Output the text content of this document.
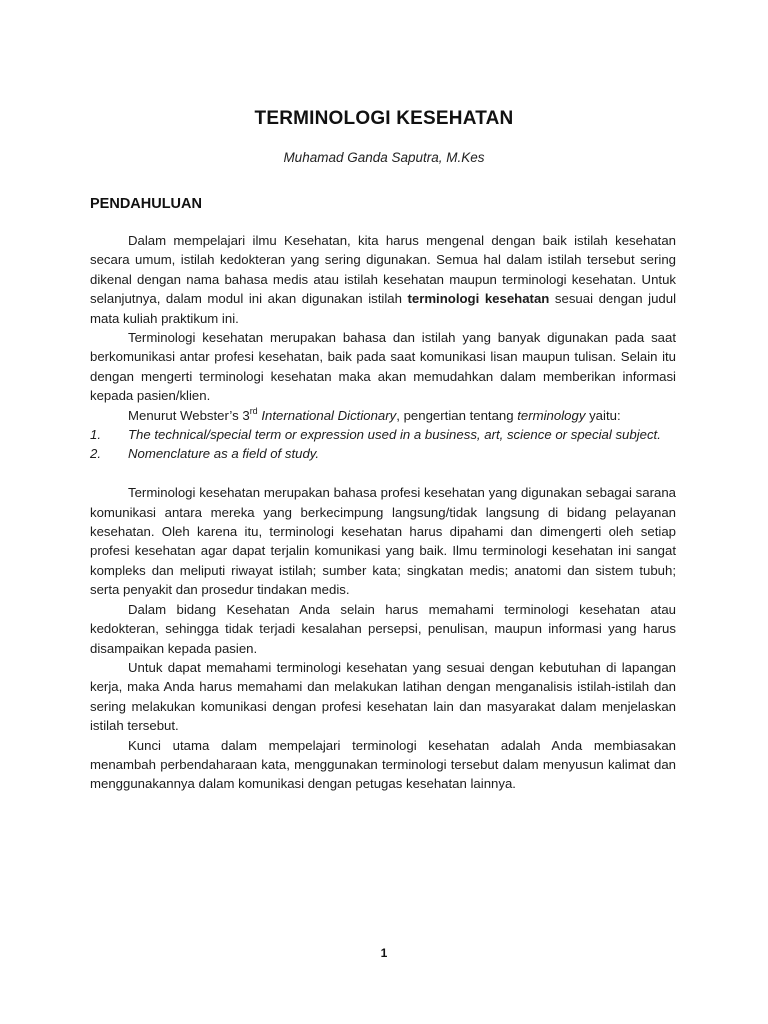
TERMINOLOGI KESEHATAN
Muhamad Ganda Saputra, M.Kes
PENDAHULUAN

Dalam mempelajari ilmu Kesehatan, kita harus mengenal dengan baik istilah kesehatan secara umum, istilah kedokteran yang sering digunakan. Semua hal dalam istilah tersebut sering dikenal dengan nama bahasa medis atau istilah kesehatan maupun terminologi kesehatan. Untuk selanjutnya, dalam modul ini akan digunakan istilah terminologi kesehatan sesuai dengan judul mata kuliah praktikum ini.

Terminologi kesehatan merupakan bahasa dan istilah yang banyak digunakan pada saat berkomunikasi antar profesi kesehatan, baik pada saat komunikasi lisan maupun tulisan. Selain itu dengan mengerti terminologi kesehatan maka akan memudahkan dalam memberikan informasi kepada pasien/klien.

Menurut Webster’s 3rd International Dictionary, pengertian tentang terminology yaitu:

1. The technical/special term or expression used in a business, art, science or special subject.
2. Nomenclature as a field of study.

Terminologi kesehatan merupakan bahasa profesi kesehatan yang digunakan sebagai sarana komunikasi antara mereka yang berkecimpung langsung/tidak langsung di bidang pelayanan kesehatan. Oleh karena itu, terminologi kesehatan harus dipahami dan dimengerti oleh setiap profesi kesehatan agar dapat terjalin komunikasi yang baik. Ilmu terminologi kesehatan ini sangat kompleks dan meliputi riwayat istilah; sumber kata; singkatan medis; anatomi dan sistem tubuh; serta penyakit dan prosedur tindakan medis.

Dalam bidang Kesehatan Anda selain harus memahami terminologi kesehatan atau kedokteran, sehingga tidak terjadi kesalahan persepsi, penulisan, maupun informasi yang harus disampaikan kepada pasien.

Untuk dapat memahami terminologi kesehatan yang sesuai dengan kebutuhan di lapangan kerja, maka Anda harus memahami dan melakukan latihan dengan menganalisis istilah-istilah dan sering melakukan komunikasi dengan profesi kesehatan lain dan masyarakat dalam menjelaskan istilah tersebut.

Kunci utama dalam mempelajari terminologi kesehatan adalah Anda membiasakan menambah perbendaharaan kata, menggunakan terminologi tersebut dalam menyusun kalimat dan menggunakannya dalam komunikasi dengan petugas kesehatan lainnya.

1
